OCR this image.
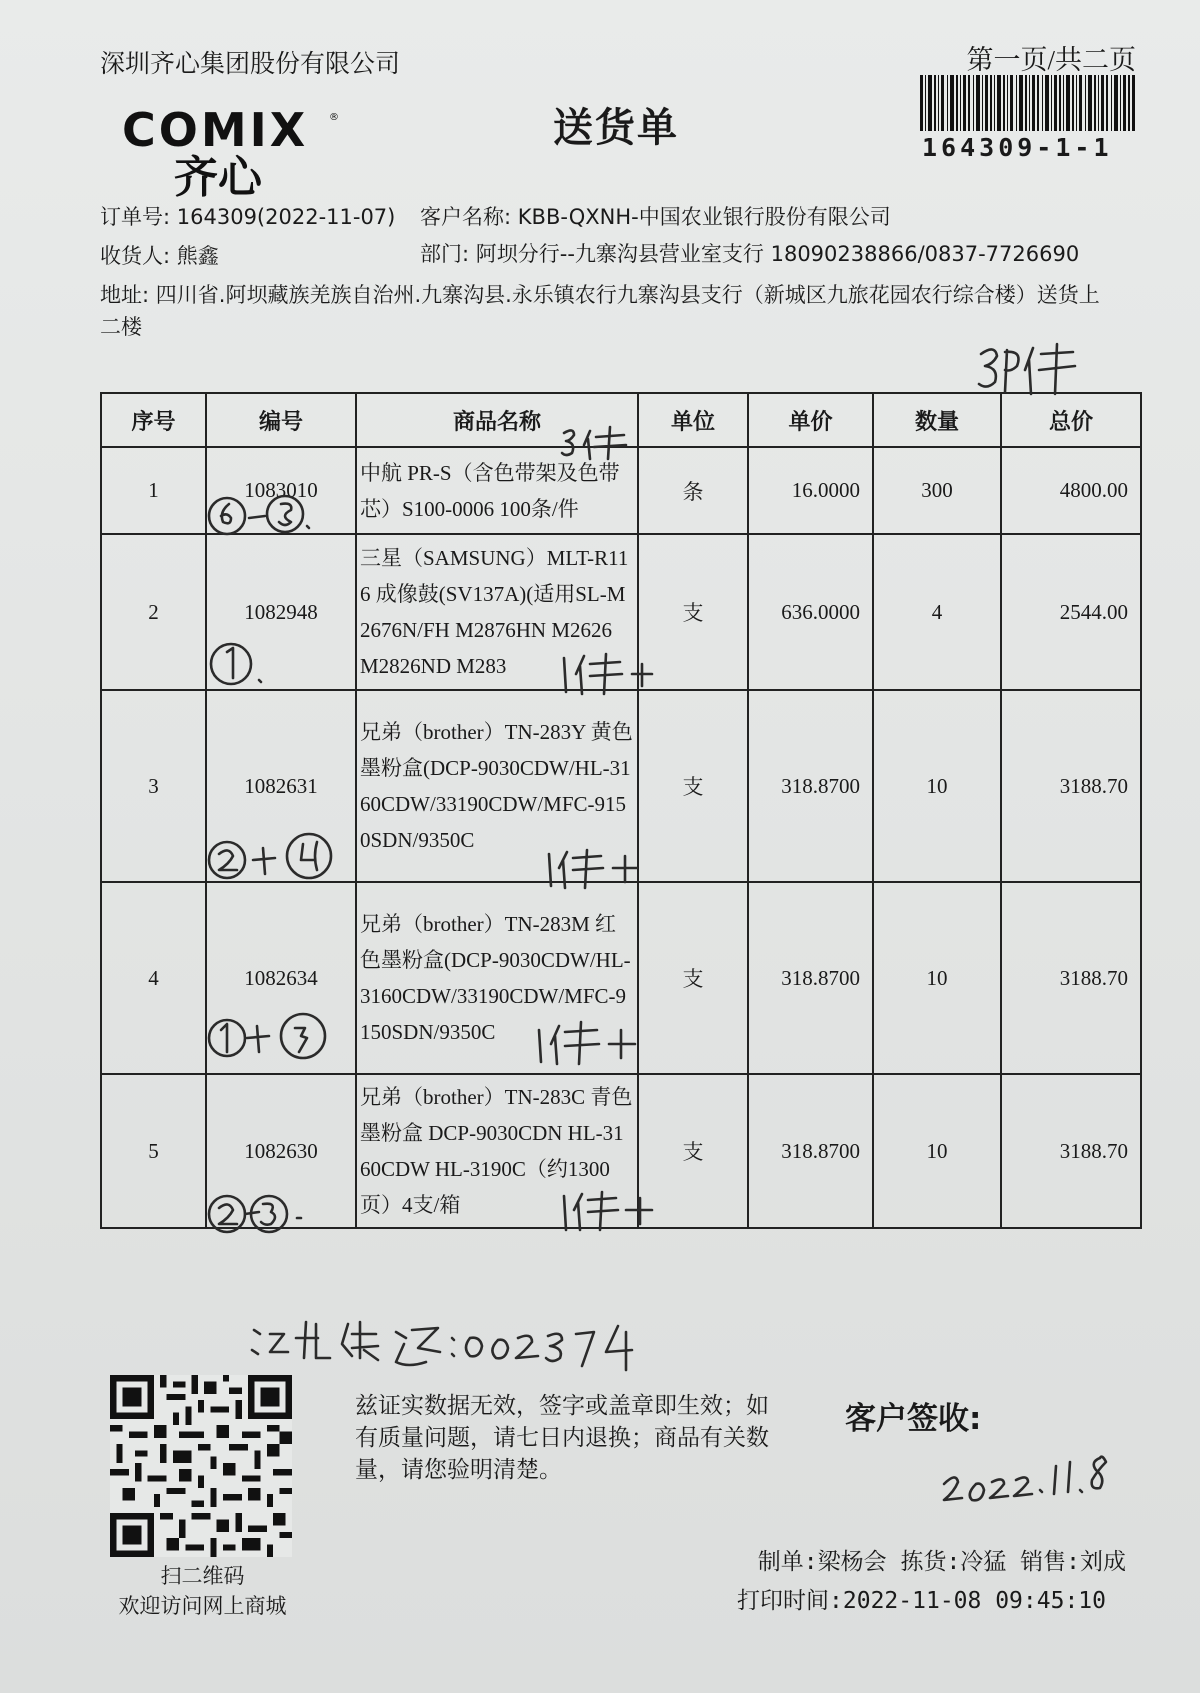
深圳齐心集团股份有限公司	第一页/共二页
164309-1-1
COMIX ®
齐心
送货单
订单号: 164309(2022-11-07) 客户名称: KBB-QXNH-中国农业银行股份有限公司
收货人: 熊鑫	部门: 阿坝分行--九寨沟县营业室支行 18090238866/0837-7726690
地址: 四川省.阿坝藏族羌族自治州.九寨沟县.永乐镇农行九寨沟县支行（新城区九旅花园农行综合楼）送货上
二楼
序号	编号	商品名称	单位	单价	数量	总价
1	1083010	中航 PR-S（含色带架及色带芯）S100-0006 100条/件	条	16.0000	300	4800.00
2	1082948	三星（SAMSUNG）MLT-R116 成像鼓(SV137A)(适用SL-M2676N/FH M2876HN M2626 M2826ND M283	支	636.0000	4	2544.00
3	1082631	兄弟（brother）TN-283Y 黄色墨粉盒(DCP-9030CDW/HL-3160CDW/33190CDW/MFC-9150SDN/9350C	支	318.8700	10	3188.70
4	1082634	兄弟（brother）TN-283M 红色墨粉盒(DCP-9030CDW/HL-3160CDW/33190CDW/MFC-9150SDN/9350C	支	318.8700	10	3188.70
5	1082630	兄弟（brother）TN-283C 青色墨粉盒 DCP-9030CDN HL-3160CDW HL-3190C（约1300页）4支/箱	支	318.8700	10	3188.70
扫二维码
欢迎访问网上商城
兹证实数据无效，签字或盖章即生效；如有质量问题，请七日内退换；商品有关数量，请您验明清楚。
客户签收:
制单:梁杨会 拣货:冷猛 销售:刘成
打印时间:2022-11-08 09:45:10
